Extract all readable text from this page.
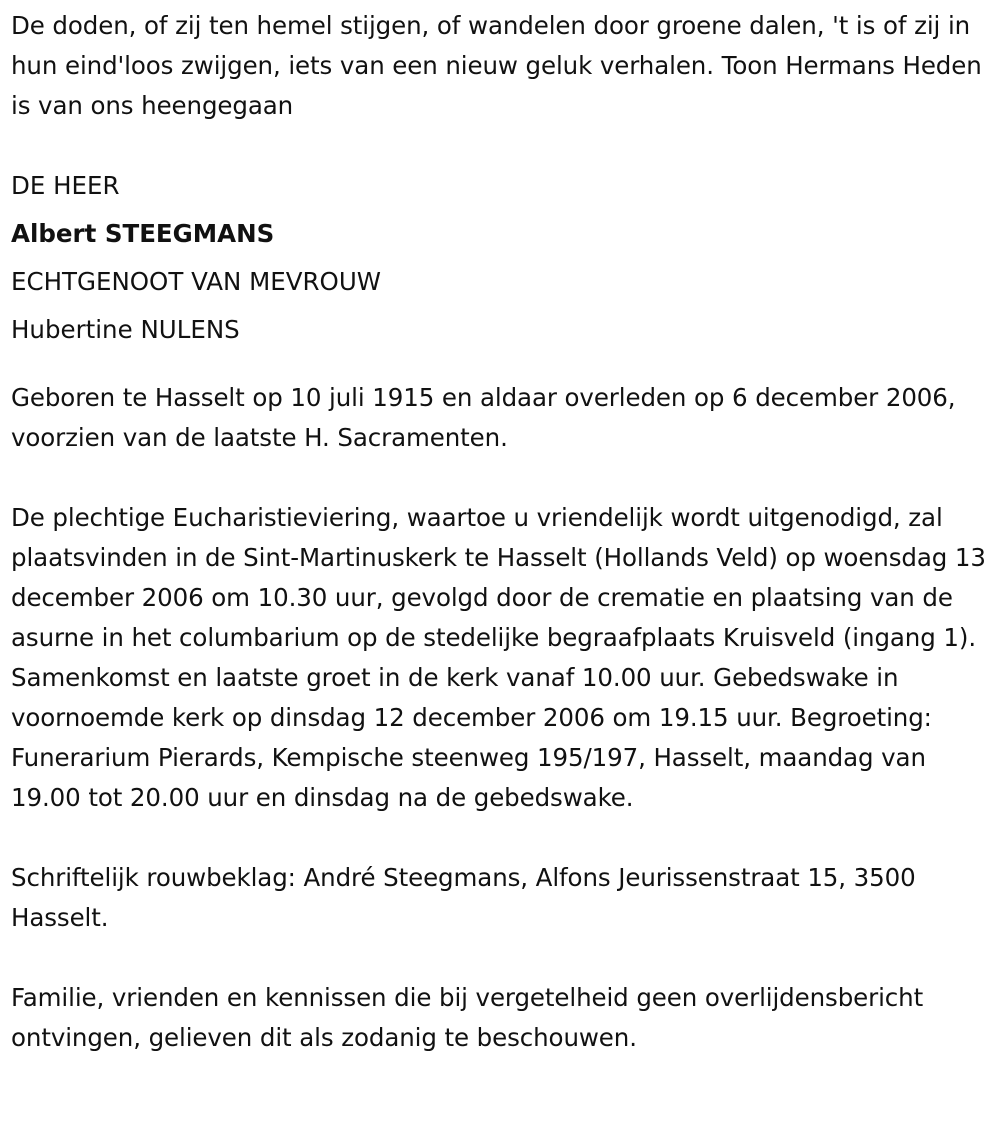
De doden, of zij ten hemel stijgen, of wandelen door groene dalen, 't is of zij in hun eind'loos zwijgen, iets van een nieuw geluk verhalen. Toon Hermans Heden is van ons heengegaan

DE HEER
Albert STEEGMANS
ECHTGENOOT VAN MEVROUW
Hubertine NULENS

Geboren te Hasselt op 10 juli 1915 en aldaar overleden op 6 december 2006, voorzien van de laatste H. Sacramenten.

De plechtige Eucharistieviering, waartoe u vriendelijk wordt uitgenodigd, zal plaatsvinden in de Sint-Martinuskerk te Hasselt (Hollands Veld) op woensdag 13 december 2006 om 10.30 uur, gevolgd door de crematie en plaatsing van de asurne in het columbarium op de stedelijke begraafplaats Kruisveld (ingang 1). Samenkomst en laatste groet in de kerk vanaf 10.00 uur. Gebedswake in voornoemde kerk op dinsdag 12 december 2006 om 19.15 uur. Begroeting: Funerarium Pierards, Kempische steenweg 195/197, Hasselt, maandag van 19.00 tot 20.00 uur en dinsdag na de gebedswake.

Schriftelijk rouwbeklag: André Steegmans, Alfons Jeurissenstraat 15, 3500 Hasselt.

Familie, vrienden en kennissen die bij vergetelheid geen overlijdensbericht ontvingen, gelieven dit als zodanig te beschouwen.
